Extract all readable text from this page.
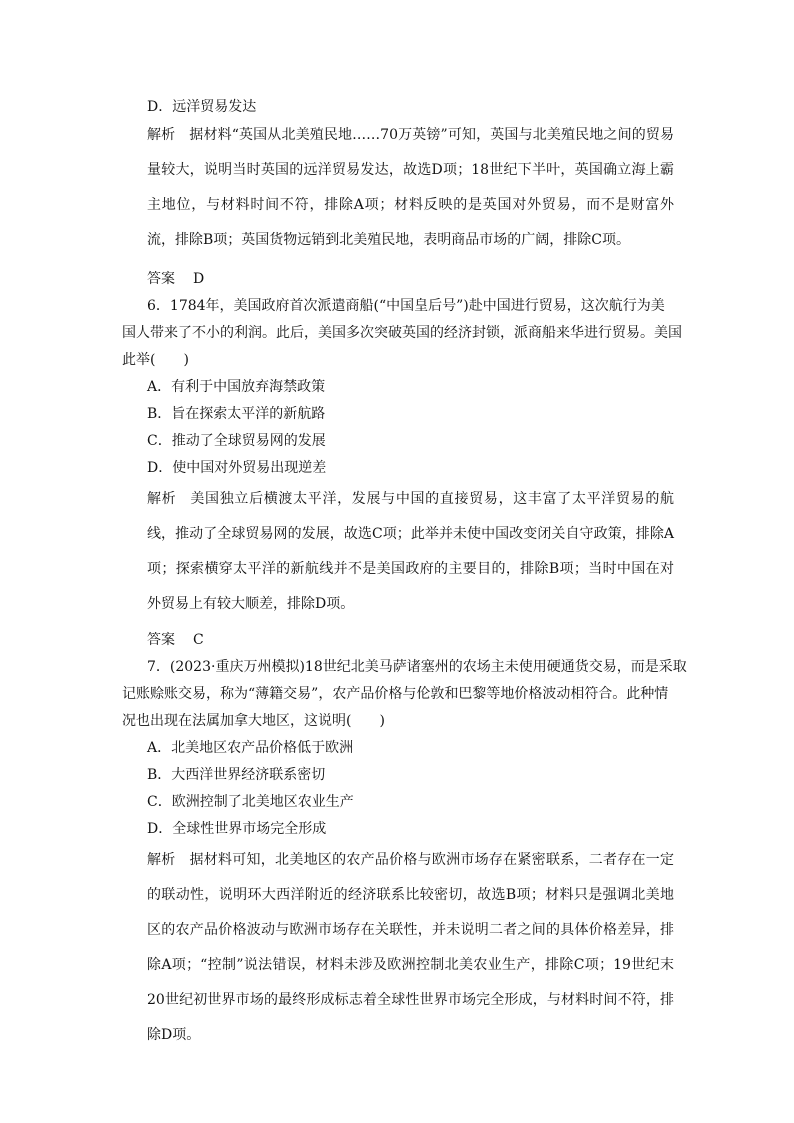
D．远洋贸易发达
解析 据材料“英国从北美殖民地……70万英镑”可知，英国与北美殖民地之间的贸易量较大，说明当时英国的远洋贸易发达，故选D项；18世纪下半叶，英国确立海上霸主地位，与材料时间不符，排除A项；材料反映的是英国对外贸易，而不是财富外流，排除B项；英国货物远销到北美殖民地，表明商品市场的广阔，排除C项。
答案 D
6．1784年，美国政府首次派遣商船(“中国皇后号”)赴中国进行贸易，这次航行为美
国人带来了不小的利润。此后，美国多次突破英国的经济封锁，派商船来华进行贸易。美国
此举(　　)
A．有利于中国放弃海禁政策
B．旨在探索太平洋的新航路
C．推动了全球贸易网的发展
D．使中国对外贸易出现逆差
解析 美国独立后横渡太平洋，发展与中国的直接贸易，这丰富了太平洋贸易的航线，推动了全球贸易网的发展，故选C项；此举并未使中国改变闭关自守政策，排除A项；探索横穿太平洋的新航线并不是美国政府的主要目的，排除B项；当时中国在对外贸易上有较大顺差，排除D项。
答案 C
7．(2023·重庆万州模拟)18世纪北美马萨诸塞州的农场主未使用硬通货交易，而是采取
记账赊账交易，称为“薄籍交易”，农产品价格与伦敦和巴黎等地价格波动相符合。此种情
况也出现在法属加拿大地区，这说明(　　)
A．北美地区农产品价格低于欧洲
B．大西洋世界经济联系密切
C．欧洲控制了北美地区农业生产
D．全球性世界市场完全形成
解析 据材料可知，北美地区的农产品价格与欧洲市场存在紧密联系，二者存在一定的联动性，说明环大西洋附近的经济联系比较密切，故选B项；材料只是强调北美地区的农产品价格波动与欧洲市场存在关联性，并未说明二者之间的具体价格差异，排除A项；“控制”说法错误，材料未涉及欧洲控制北美农业生产，排除C项；19世纪末20世纪初世界市场的最终形成标志着全球性世界市场完全形成，与材料时间不符，排除D项。
